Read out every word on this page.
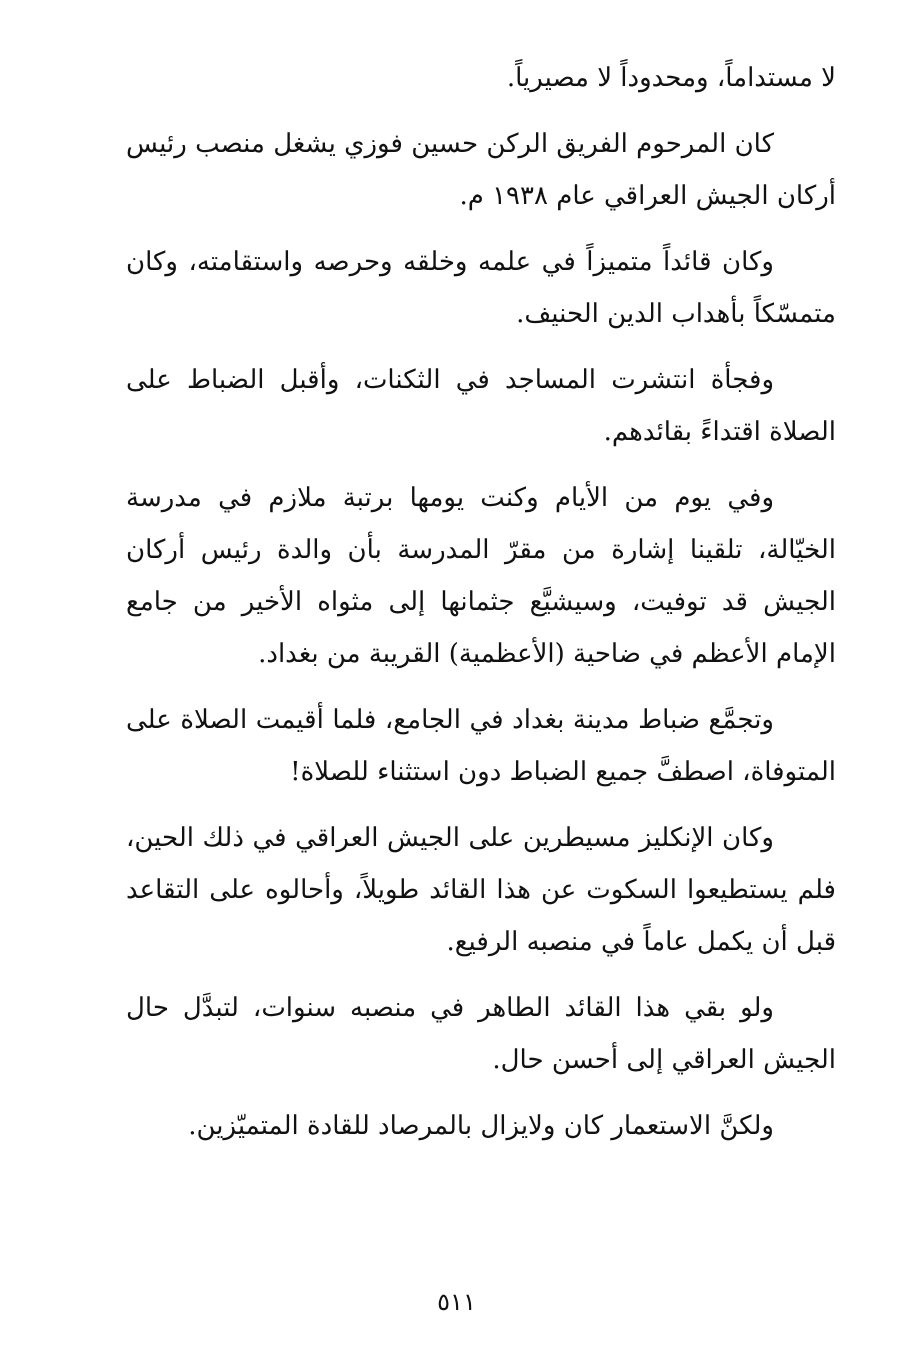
لا مستداماً، ومحدوداً لا مصيرياً.

كان المرحوم الفريق الركن حسين فوزي يشغل منصب رئيس أركان الجيش العراقي عام ١٩٣٨ م.

وكان قائداً متميزاً في علمه وخلقه وحرصه واستقامته، وكان متمسّكاً بأهداب الدين الحنيف.

وفجأة انتشرت المساجد في الثكنات، وأقبل الضباط على الصلاة اقتداءً بقائدهم.

وفي يوم من الأيام وكنت يومها برتبة ملازم في مدرسة الخيّالة، تلقينا إشارة من مقرّ المدرسة بأن والدة رئيس أركان الجيش قد توفيت، وسيشيَّع جثمانها إلى مثواه الأخير من جامع الإمام الأعظم في ضاحية (الأعظمية) القريبة من بغداد.

وتجمَّع ضباط مدينة بغداد في الجامع، فلما أقيمت الصلاة على المتوفاة، اصطفَّ جميع الضباط دون استثناء للصلاة!

وكان الإنكليز مسيطرين على الجيش العراقي في ذلك الحين، فلم يستطيعوا السكوت عن هذا القائد طويلاً، وأحالوه على التقاعد قبل أن يكمل عاماً في منصبه الرفيع.

ولو بقي هذا القائد الطاهر في منصبه سنوات، لتبدَّل حال الجيش العراقي إلى أحسن حال.

ولكنَّ الاستعمار كان ولايزال بالمرصاد للقادة المتميّزين.

٥١١
